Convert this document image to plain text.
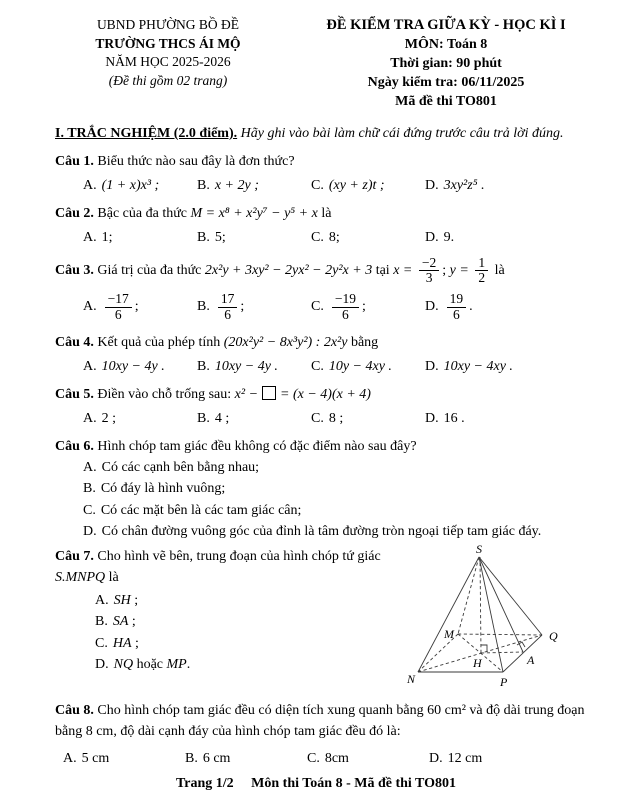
UBND PHƯỜNG BỒ ĐỀ
TRƯỜNG THCS ÁI MỘ
NĂM HỌC 2025-2026
(Đề thi gồm 02 trang)
ĐỀ KIỂM TRA GIỮA KỲ - HỌC KÌ I
MÔN: Toán 8
Thời gian: 90 phút
Ngày kiểm tra: 06/11/2025
Mã đề thi TO801

I. TRẮC NGHIỆM (2.0 điểm). Hãy ghi vào bài làm chữ cái đứng trước câu trả lời đúng.

Câu 1. Biểu thức nào sau đây là đơn thức?
A. (1 + x)x³ ;	B. x + 2y ;	C. (xy + z)t ;	D. 3xy²z⁵ .
Câu 2. Bậc của đa thức M = x⁸ + x²y⁷ − y⁵ + x là
A. 1;	B. 5;	C. 8;	D. 9.
Câu 3. Giá trị của đa thức 2x²y + 3xy² − 2yx² − 2y²x + 3 tại $x = \frac{-2}{3}$ ; $y = \frac{1}{2}$ là
A. $\frac{-17}{6}$ ;	B. $\frac{17}{6}$ ;	C. $\frac{-19}{6}$ ;	D. $\frac{19}{6}$ .
Câu 4. Kết quả của phép tính (20x²y² − 8x³y²) : 2x²y bằng
A. 10xy − 4y .	B. 10xy − 4y .	C. 10y − 4xy .	D. 10xy − 4xy .
Câu 5. Điền vào chỗ trống sau: x² − = (x − 4)(x + 4)
A. 2 ;	B. 4 ;	C. 8 ;	D. 16 .
Câu 6. Hình chóp tam giác đều không có đặc điểm nào sau đây?
A. Có các cạnh bên bằng nhau;
B. Có đáy là hình vuông;
C. Có các mặt bên là các tam giác cân;
D. Có chân đường vuông góc của đỉnh là tâm đường tròn ngoại tiếp tam giác đáy.
Câu 7. Cho hình vẽ bên, trung đoạn của hình chóp tứ giác S.MNPQ là
A. SH ;
B. SA ;
C. HA ;
D. NQ hoặc MP.
S
M	Q
N	P
H	A
Câu 8. Cho hình chóp tam giác đều có diện tích xung quanh bằng 60 cm² và độ dài trung đoạn bằng 8 cm, độ dài cạnh đáy của hình chóp tam giác đều đó là:
A. 5 cm	B. 6 cm	C. 8cm	D. 12 cm
Trang 1/2 Môn thi Toán 8 - Mã đề thi TO801
